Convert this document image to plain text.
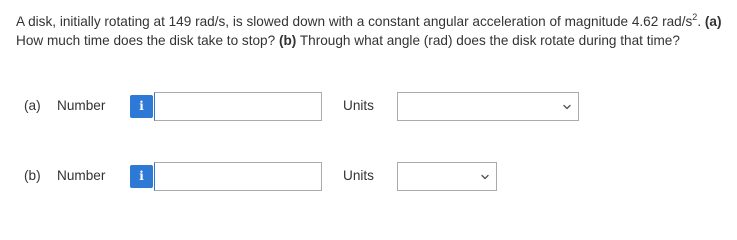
A disk, initially rotating at 149 rad/s, is slowed down with a constant angular acceleration of magnitude 4.62 rad/$s^2$. (a) How much time does the disk take to stop? (b) Through what angle (rad) does the disk rotate during that time?
(a) Number	i	Units
(b) Number	i	Units
